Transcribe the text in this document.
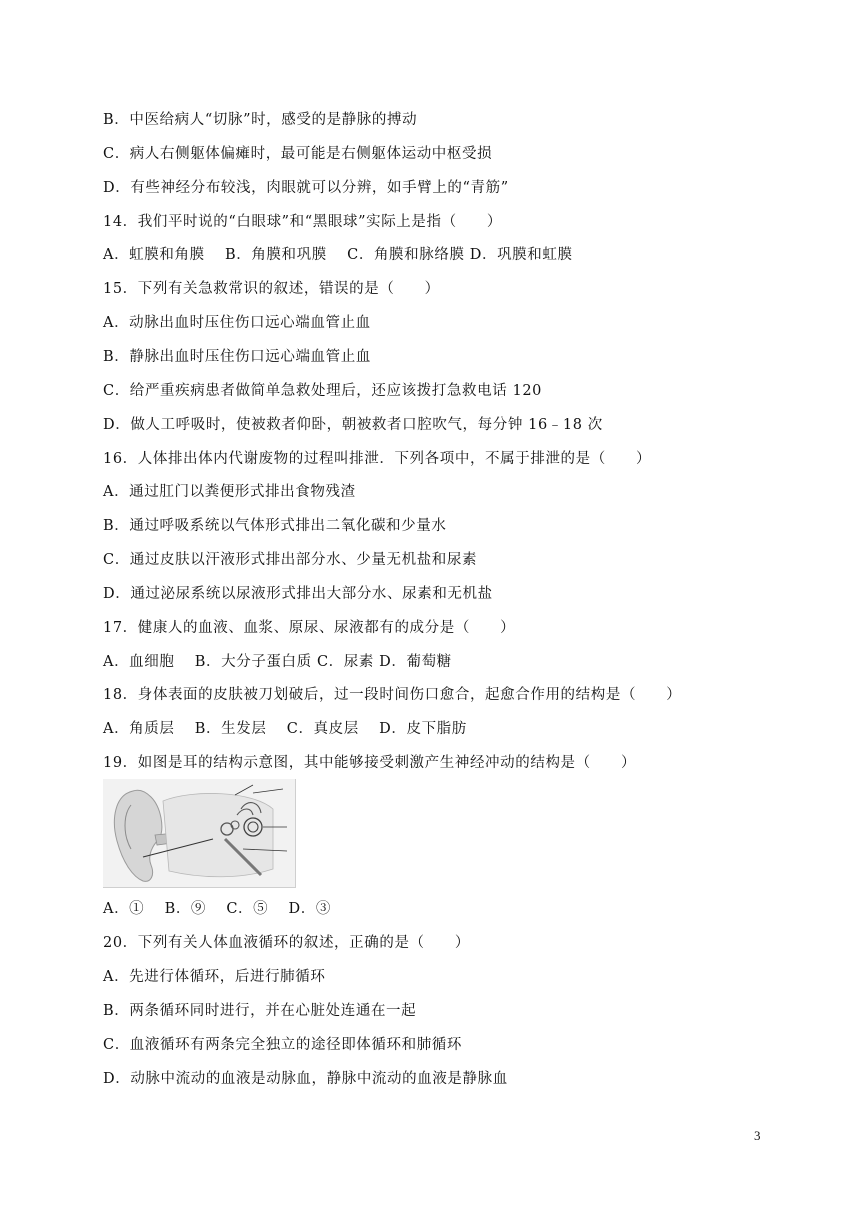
B．中医给病人“切脉”时，感受的是静脉的搏动
C．病人右侧躯体偏瘫时，最可能是右侧躯体运动中枢受损
D．有些神经分布较浅，肉眼就可以分辨，如手臂上的“青筋”
14．我们平时说的“白眼球”和“黑眼球”实际上是指（　　）
A．虹膜和角膜　 B．角膜和巩膜　 C．角膜和脉络膜 D．巩膜和虹膜
15．下列有关急救常识的叙述，错误的是（　　）
A．动脉出血时压住伤口远心端血管止血
B．静脉出血时压住伤口远心端血管止血
C．给严重疾病患者做简单急救处理后，还应该拨打急救电话 120
D．做人工呼吸时，使被救者仰卧，朝被救者口腔吹气，每分钟 16﹣18 次
16．人体排出体内代谢废物的过程叫排泄．下列各项中，不属于排泄的是（　　）
A．通过肛门以粪便形式排出食物残渣
B．通过呼吸系统以气体形式排出二氧化碳和少量水
C．通过皮肤以汗液形式排出部分水、少量无机盐和尿素
D．通过泌尿系统以尿液形式排出大部分水、尿素和无机盐
17．健康人的血液、血浆、原尿、尿液都有的成分是（　　）
A．血细胞　 B．大分子蛋白质 C．尿素 D．葡萄糖
18．身体表面的皮肤被刀划破后，过一段时间伤口愈合，起愈合作用的结构是（　　）
A．角质层　 B．生发层　 C．真皮层　 D．皮下脂肪
19．如图是耳的结构示意图，其中能够接受刺激产生神经冲动的结构是（　　）
A．①　 B．⑨　 C．⑤　 D．③
20．下列有关人体血液循环的叙述，正确的是（　　）
A．先进行体循环，后进行肺循环
B．两条循环同时进行，并在心脏处连通在一起
C．血液循环有两条完全独立的途径即体循环和肺循环
D．动脉中流动的血液是动脉血，静脉中流动的血液是静脉血
3
